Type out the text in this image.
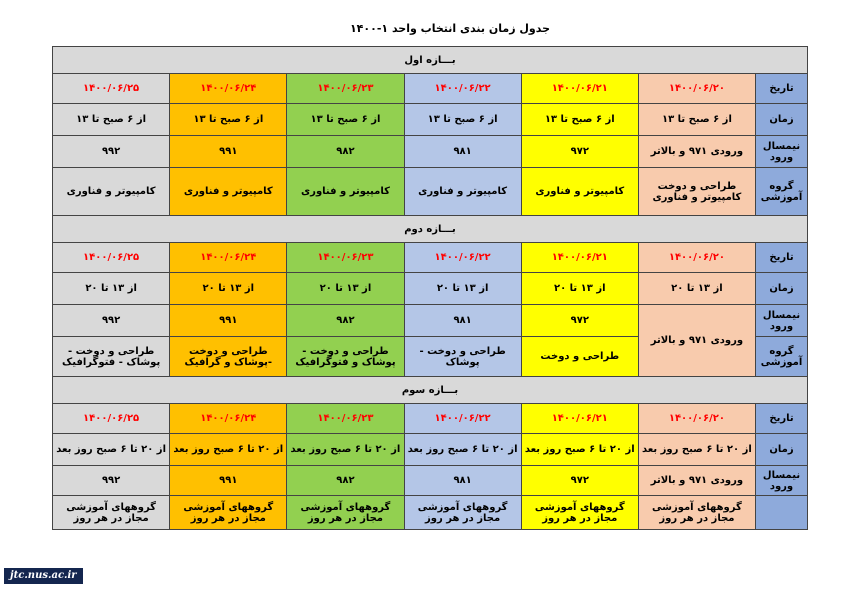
جدول زمان بندی انتخاب واحد ۱-۱۴۰۰
بـــازه اول						
تاریخ	۱۴۰۰/۰۶/۲۰	۱۴۰۰/۰۶/۲۱	۱۴۰۰/۰۶/۲۲	۱۴۰۰/۰۶/۲۳	۱۴۰۰/۰۶/۲۴	۱۴۰۰/۰۶/۲۵
زمان	از ۶ صبح تا ۱۳	از ۶ صبح تا ۱۳	از ۶ صبح تا ۱۳	از ۶ صبح تا ۱۳	از ۶ صبح تا ۱۳	از ۶ صبح تا ۱۳
نیمسال ورود	ورودی ۹۷۱ و بالاتر	۹۷۲	۹۸۱	۹۸۲	۹۹۱	۹۹۲
گروه آموزشی	طراحی و دوخت کامپیوتر و فناوری	کامپیوتر و فناوری	کامپیوتر و فناوری	کامپیوتر و فناوری	کامپیوتر و فناوری	کامپیوتر و فناوری
بـــازه دوم						
تاریخ	۱۴۰۰/۰۶/۲۰	۱۴۰۰/۰۶/۲۱	۱۴۰۰/۰۶/۲۲	۱۴۰۰/۰۶/۲۳	۱۴۰۰/۰۶/۲۴	۱۴۰۰/۰۶/۲۵
زمان	از ۱۳ تا ۲۰	از ۱۳ تا ۲۰	از ۱۳ تا ۲۰	از ۱۳ تا ۲۰	از ۱۳ تا ۲۰	از ۱۳ تا ۲۰
نیمسال ورود	ورودی ۹۷۱ و بالاتر	۹۷۲	۹۸۱	۹۸۲	۹۹۱	۹۹۲
گروه آموزشی		طراحی و دوخت	طراحی و دوخت - پوشاک	طراحی و دوخت - پوشاک و فتوگرافیک	طراحی و دوخت -پوشاک و گرافیک	طراحی و دوخت - پوشاک - فتوگرافیک
بـــازه سوم						
تاریخ	۱۴۰۰/۰۶/۲۰	۱۴۰۰/۰۶/۲۱	۱۴۰۰/۰۶/۲۲	۱۴۰۰/۰۶/۲۳	۱۴۰۰/۰۶/۲۴	۱۴۰۰/۰۶/۲۵
زمان	از ۲۰ تا ۶ صبح روز بعد	از ۲۰ تا ۶ صبح روز بعد	از ۲۰ تا ۶ صبح روز بعد	از ۲۰ تا ۶ صبح روز بعد	از ۲۰ تا ۶ صبح روز بعد	از ۲۰ تا ۶ صبح روز بعد
نیمسال ورود	ورودی ۹۷۱ و بالاتر	۹۷۲	۹۸۱	۹۸۲	۹۹۱	۹۹۲
	گروههای آموزشی مجاز در هر روز	گروههای آموزشی مجاز در هر روز	گروههای آموزشی مجاز در هر روز	گروههای آموزشی مجاز در هر روز	گروههای آموزشی مجاز در هر روز	گروههای آموزشی مجاز در هر روز
jtc.nus.ac.ir
